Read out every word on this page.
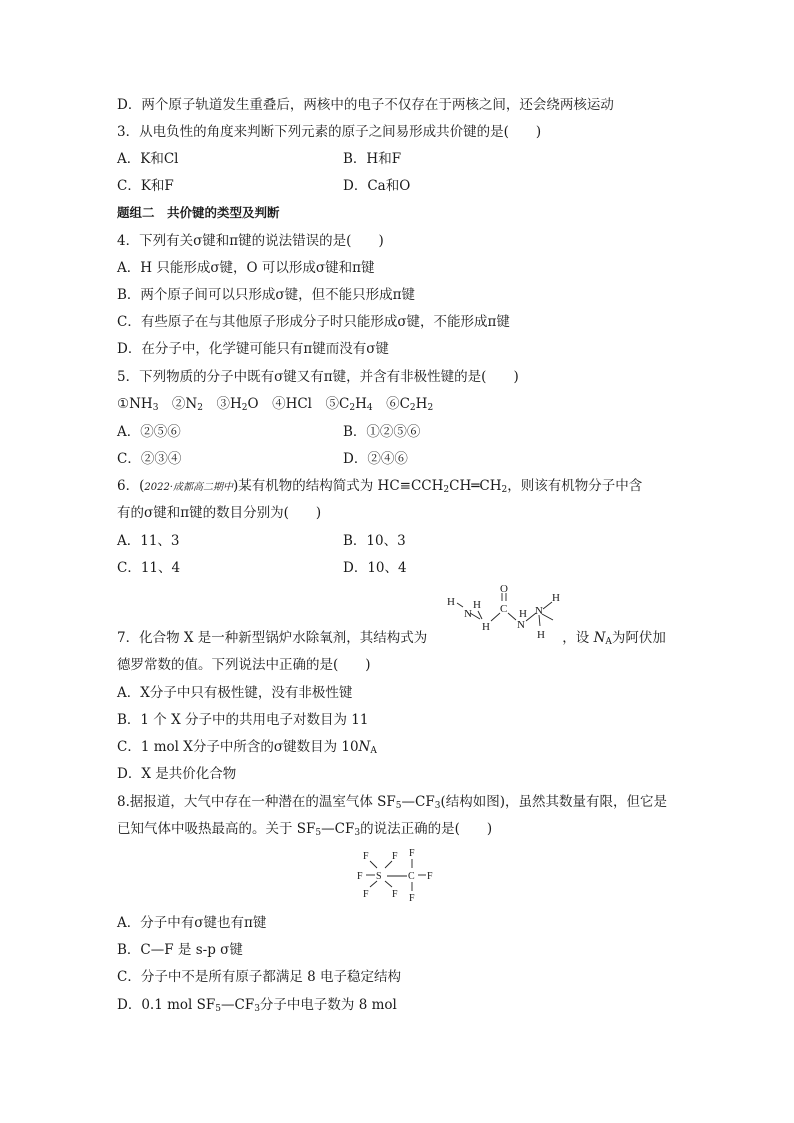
D．两个原子轨道发生重叠后，两核中的电子不仅存在于两核之间，还会绕两核运动
3．从电负性的角度来判断下列元素的原子之间易形成共价键的是(　　)
A．K和Cl	B．H和F
C．K和F	D．Ca和O
题组二　共价键的类型及判断
4．下列有关σ键和π键的说法错误的是(　　)
A．H 只能形成σ键，O 可以形成σ键和π键
B．两个原子间可以只形成σ键，但不能只形成π键
C．有些原子在与其他原子形成分子时只能形成σ键，不能形成π键
D．在分子中，化学键可能只有π键而没有σ键
5．下列物质的分子中既有σ键又有π键，并含有非极性键的是(　　)
$①NH_3$　$②N_2$　$③H_2O$　④HCl　$⑤C_2H_4$　$⑥C_2H_2$
A．②⑤⑥	B．①②⑤⑥
C．②③④	D．②④⑥
6．(2022·成都高二期中)某有机物的结构简式为 $HC\equiv CCH_2CH═CH_2$，则该有机物分子中含
有的σ键和π键的数目分别为(　　)
A．11、3	B．10、3
C．11、4	D．10、4
H H
N
H
C
O
N
H N
H
H
7．化合物 X 是一种新型锅炉水除氧剂，其结构式为	，设 $N_A$为阿伏加
德罗常数的值。下列说法中正确的是(　　)
A．X分子中只有极性键，没有非极性键
B．1 个 X 分子中的共用电子对数目为 11
C．1 mol X分子中所含的σ键数目为 $10N_A$
D．X 是共价化合物
8.据报道，大气中存在一种潜在的温室气体 $SF_5—CF_3$(结构如图)，虽然其数量有限，但它是
已知气体中吸热最高的。关于 $SF_5—CF_3$的说法正确的是(　　)
F F
F S
F F
C
F
F
F
A．分子中有σ键也有π键
B．C—F 是 s-p σ键
C．分子中不是所有原子都满足 8 电子稳定结构
D．0.1 mol $SF_5—CF_3$分子中电子数为 8 mol
